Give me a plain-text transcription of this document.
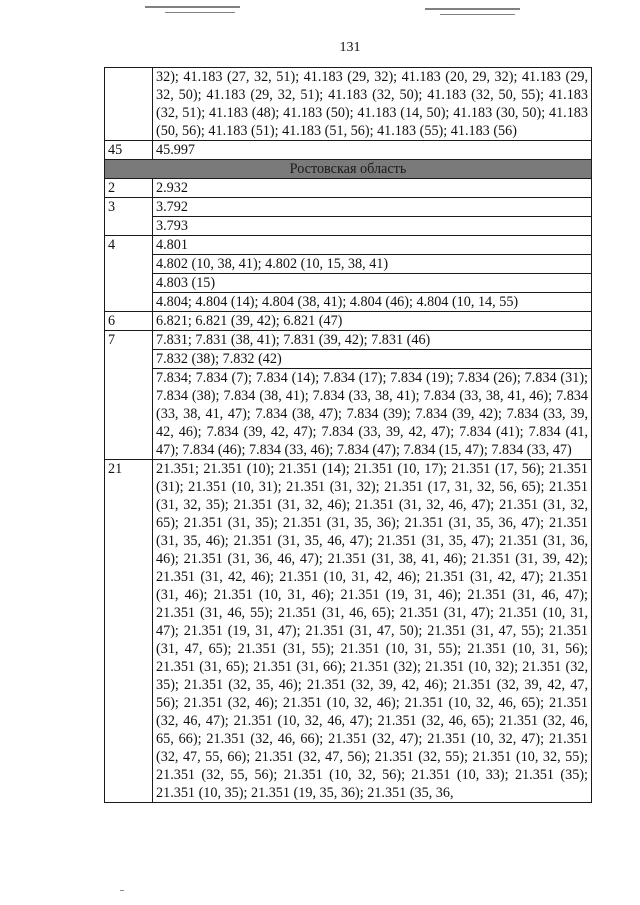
131
	32); 41.183 (27, 32, 51); 41.183 (29, 32); 41.183 (20, 29, 32); 41.183 (29, 32, 50); 41.183 (29, 32, 51); 41.183 (32, 50); 41.183 (32, 50, 55); 41.183 (32, 51); 41.183 (48); 41.183 (50); 41.183 (14, 50); 41.183 (30, 50); 41.183 (50, 56); 41.183 (51); 41.183 (51, 56); 41.183 (55); 41.183 (56)
45	45.997
Ростовская область	
2	2.932
3	3.792
	3.793
4	4.801
	4.802 (10, 38, 41); 4.802 (10, 15, 38, 41)
	4.803 (15)
	4.804; 4.804 (14); 4.804 (38, 41); 4.804 (46); 4.804 (10, 14, 55)
6	6.821; 6.821 (39, 42); 6.821 (47)
7	7.831; 7.831 (38, 41); 7.831 (39, 42); 7.831 (46)
	7.832 (38); 7.832 (42)
	7.834; 7.834 (7); 7.834 (14); 7.834 (17); 7.834 (19); 7.834 (26); 7.834 (31); 7.834 (38); 7.834 (38, 41); 7.834 (33, 38, 41); 7.834 (33, 38, 41, 46); 7.834 (33, 38, 41, 47); 7.834 (38, 47); 7.834 (39); 7.834 (39, 42); 7.834 (33, 39, 42, 46); 7.834 (39, 42, 47); 7.834 (33, 39, 42, 47); 7.834 (41); 7.834 (41, 47); 7.834 (46); 7.834 (33, 46); 7.834 (47); 7.834 (15, 47); 7.834 (33, 47)
21	21.351; 21.351 (10); 21.351 (14); 21.351 (10, 17); 21.351 (17, 56); 21.351 (31); 21.351 (10, 31); 21.351 (31, 32); 21.351 (17, 31, 32, 56, 65); 21.351 (31, 32, 35); 21.351 (31, 32, 46); 21.351 (31, 32, 46, 47); 21.351 (31, 32, 65); 21.351 (31, 35); 21.351 (31, 35, 36); 21.351 (31, 35, 36, 47); 21.351 (31, 35, 46); 21.351 (31, 35, 46, 47); 21.351 (31, 35, 47); 21.351 (31, 36, 46); 21.351 (31, 36, 46, 47); 21.351 (31, 38, 41, 46); 21.351 (31, 39, 42); 21.351 (31, 42, 46); 21.351 (10, 31, 42, 46); 21.351 (31, 42, 47); 21.351 (31, 46); 21.351 (10, 31, 46); 21.351 (19, 31, 46); 21.351 (31, 46, 47); 21.351 (31, 46, 55); 21.351 (31, 46, 65); 21.351 (31, 47); 21.351 (10, 31, 47); 21.351 (19, 31, 47); 21.351 (31, 47, 50); 21.351 (31, 47, 55); 21.351 (31, 47, 65); 21.351 (31, 55); 21.351 (10, 31, 55); 21.351 (10, 31, 56); 21.351 (31, 65); 21.351 (31, 66); 21.351 (32); 21.351 (10, 32); 21.351 (32, 35); 21.351 (32, 35, 46); 21.351 (32, 39, 42, 46); 21.351 (32, 39, 42, 47, 56); 21.351 (32, 46); 21.351 (10, 32, 46); 21.351 (10, 32, 46, 65); 21.351 (32, 46, 47); 21.351 (10, 32, 46, 47); 21.351 (32, 46, 65); 21.351 (32, 46, 65, 66); 21.351 (32, 46, 66); 21.351 (32, 47); 21.351 (10, 32, 47); 21.351 (32, 47, 55, 66); 21.351 (32, 47, 56); 21.351 (32, 55); 21.351 (10, 32, 55); 21.351 (32, 55, 56); 21.351 (10, 32, 56); 21.351 (10, 33); 21.351 (35); 21.351 (10, 35); 21.351 (19, 35, 36); 21.351 (35, 36,
